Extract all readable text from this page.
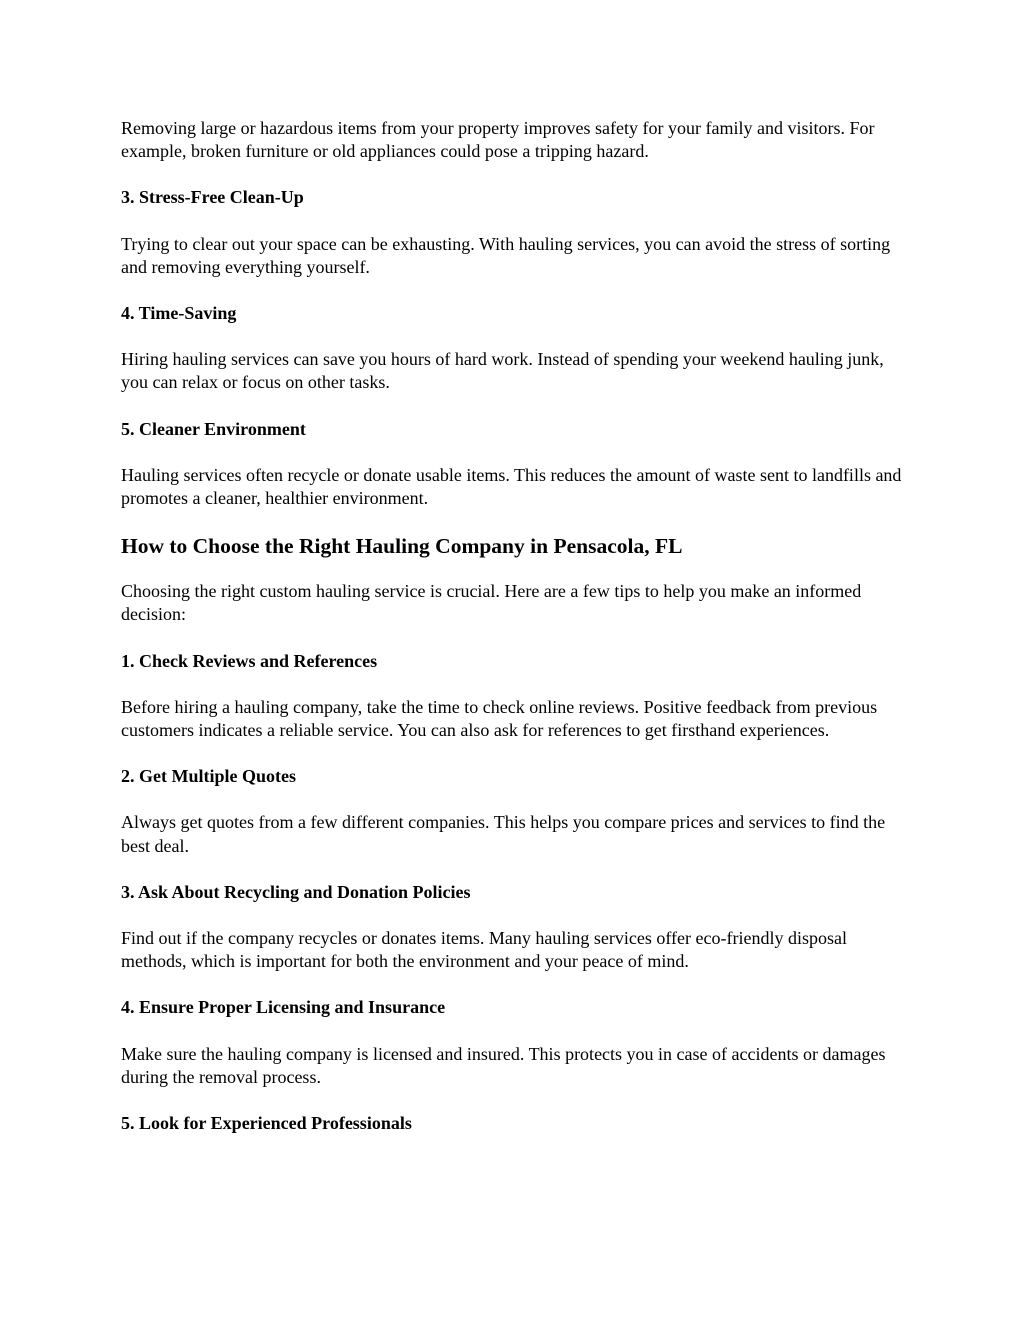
Removing large or hazardous items from your property improves safety for your family and visitors. For example, broken furniture or old appliances could pose a tripping hazard.

3. Stress-Free Clean-Up

Trying to clear out your space can be exhausting. With hauling services, you can avoid the stress of sorting and removing everything yourself.

4. Time-Saving

Hiring hauling services can save you hours of hard work. Instead of spending your weekend hauling junk, you can relax or focus on other tasks.

5. Cleaner Environment

Hauling services often recycle or donate usable items. This reduces the amount of waste sent to landfills and promotes a cleaner, healthier environment.

How to Choose the Right Hauling Company in Pensacola, FL

Choosing the right custom hauling service is crucial. Here are a few tips to help you make an informed decision:

1. Check Reviews and References

Before hiring a hauling company, take the time to check online reviews. Positive feedback from previous customers indicates a reliable service. You can also ask for references to get firsthand experiences.

2. Get Multiple Quotes

Always get quotes from a few different companies. This helps you compare prices and services to find the best deal.

3. Ask About Recycling and Donation Policies

Find out if the company recycles or donates items. Many hauling services offer eco-friendly disposal methods, which is important for both the environment and your peace of mind.

4. Ensure Proper Licensing and Insurance

Make sure the hauling company is licensed and insured. This protects you in case of accidents or damages during the removal process.

5. Look for Experienced Professionals
